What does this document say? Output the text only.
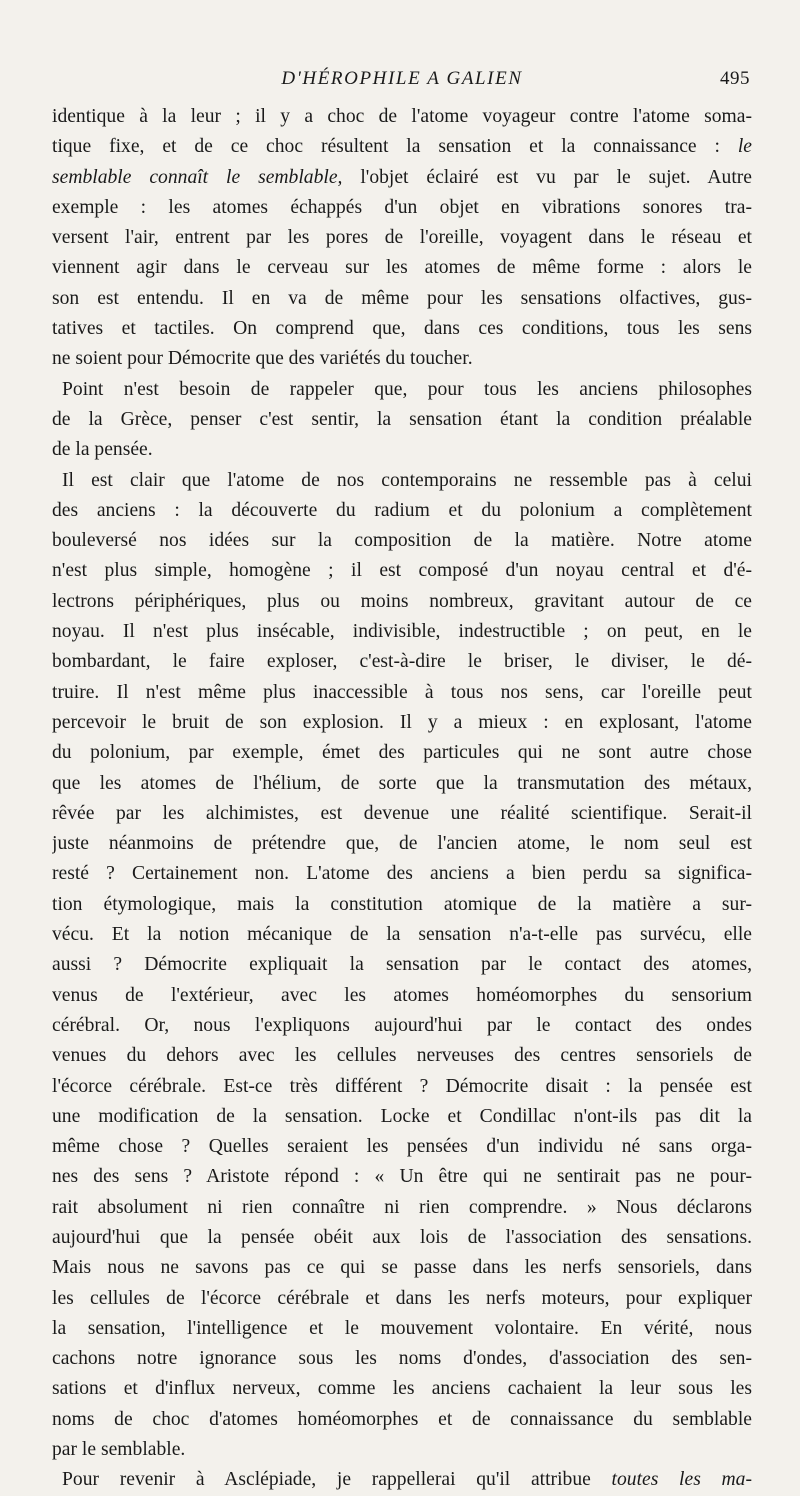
D'HÉROPHILE A GALIEN	495
identique à la leur ; il y a choc de l'atome voyageur contre l'atome soma-
tique fixe, et de ce choc résultent la sensation et la connaissance : le
semblable connaît le semblable, l'objet éclairé est vu par le sujet. Autre
exemple : les atomes échappés d'un objet en vibrations sonores tra-
versent l'air, entrent par les pores de l'oreille, voyagent dans le réseau et
viennent agir dans le cerveau sur les atomes de même forme : alors le
son est entendu. Il en va de même pour les sensations olfactives, gus-
tatives et tactiles. On comprend que, dans ces conditions, tous les sens
ne soient pour Démocrite que des variétés du toucher.
Point n'est besoin de rappeler que, pour tous les anciens philosophes
de la Grèce, penser c'est sentir, la sensation étant la condition préalable
de la pensée.
Il est clair que l'atome de nos contemporains ne ressemble pas à celui
des anciens : la découverte du radium et du polonium a complètement
bouleversé nos idées sur la composition de la matière. Notre atome
n'est plus simple, homogène ; il est composé d'un noyau central et d'é-
lectrons périphériques, plus ou moins nombreux, gravitant autour de ce
noyau. Il n'est plus insécable, indivisible, indestructible ; on peut, en le
bombardant, le faire exploser, c'est-à-dire le briser, le diviser, le dé-
truire. Il n'est même plus inaccessible à tous nos sens, car l'oreille peut
percevoir le bruit de son explosion. Il y a mieux : en explosant, l'atome
du polonium, par exemple, émet des particules qui ne sont autre chose
que les atomes de l'hélium, de sorte que la transmutation des métaux,
rêvée par les alchimistes, est devenue une réalité scientifique. Serait-il
juste néanmoins de prétendre que, de l'ancien atome, le nom seul est
resté ? Certainement non. L'atome des anciens a bien perdu sa significa-
tion étymologique, mais la constitution atomique de la matière a sur-
vécu. Et la notion mécanique de la sensation n'a-t-elle pas survécu, elle
aussi ? Démocrite expliquait la sensation par le contact des atomes,
venus de l'extérieur, avec les atomes homéomorphes du sensorium
cérébral. Or, nous l'expliquons aujourd'hui par le contact des ondes
venues du dehors avec les cellules nerveuses des centres sensoriels de
l'écorce cérébrale. Est-ce très différent ? Démocrite disait : la pensée est
une modification de la sensation. Locke et Condillac n'ont-ils pas dit la
même chose ? Quelles seraient les pensées d'un individu né sans orga-
nes des sens ? Aristote répond : « Un être qui ne sentirait pas ne pour-
rait absolument ni rien connaître ni rien comprendre. » Nous déclarons
aujourd'hui que la pensée obéit aux lois de l'association des sensations.
Mais nous ne savons pas ce qui se passe dans les nerfs sensoriels, dans
les cellules de l'écorce cérébrale et dans les nerfs moteurs, pour expliquer
la sensation, l'intelligence et le mouvement volontaire. En vérité, nous
cachons notre ignorance sous les noms d'ondes, d'association des sen-
sations et d'influx nerveux, comme les anciens cachaient la leur sous les
noms de choc d'atomes homéomorphes et de connaissance du semblable
par le semblable.
Pour revenir à Asclépiade, je rappellerai qu'il attribue toutes les ma-
